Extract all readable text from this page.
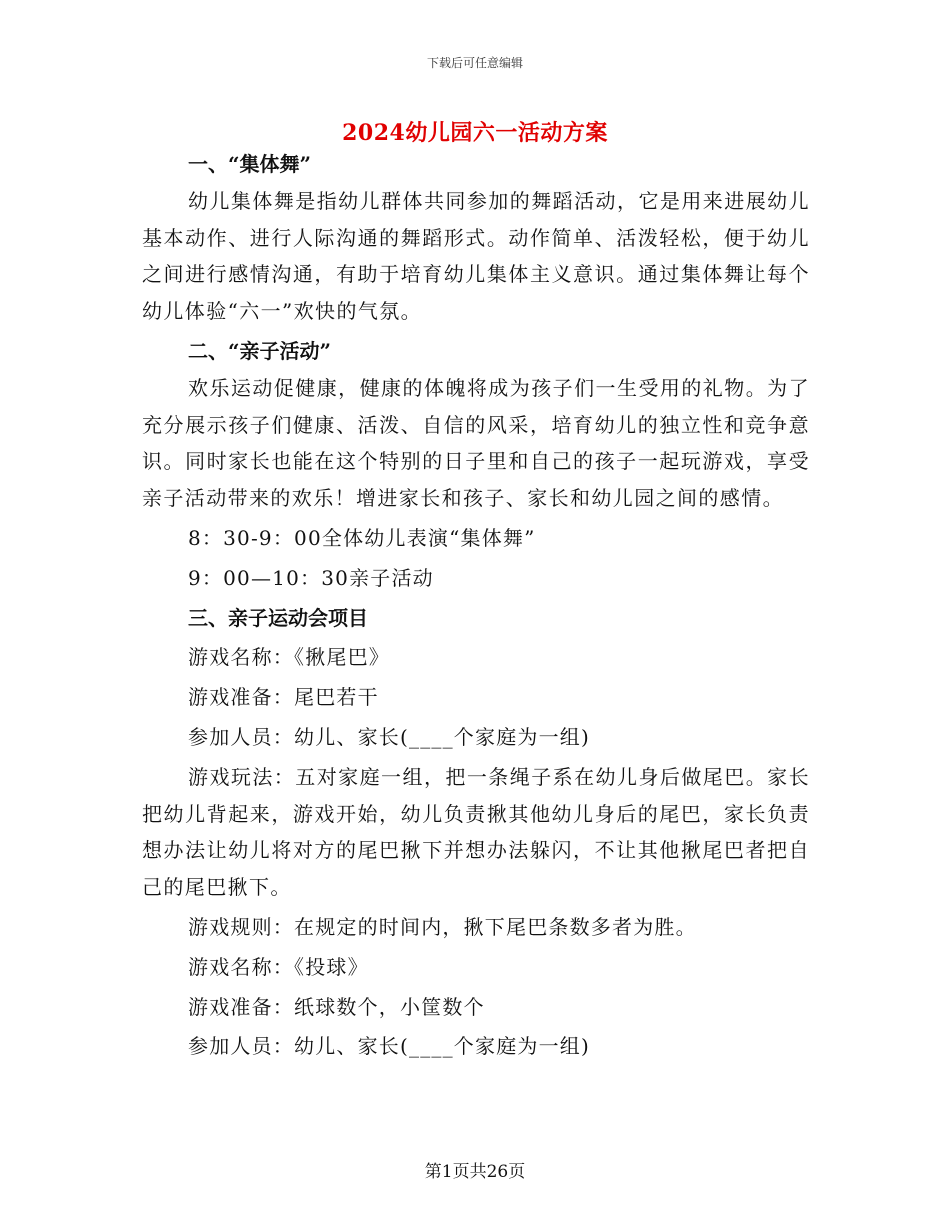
下载后可任意编辑
2024幼儿园六一活动方案

一、“集体舞”

幼儿集体舞是指幼儿群体共同参加的舞蹈活动，它是用来进展幼儿基本动作、进行人际沟通的舞蹈形式。动作简单、活泼轻松，便于幼儿之间进行感情沟通，有助于培育幼儿集体主义意识。通过集体舞让每个幼儿体验“六一”欢快的气氛。

二、“亲子活动”

欢乐运动促健康，健康的体魄将成为孩子们一生受用的礼物。为了充分展示孩子们健康、活泼、自信的风采，培育幼儿的独立性和竞争意识。同时家长也能在这个特别的日子里和自己的孩子一起玩游戏，享受亲子活动带来的欢乐！增进家长和孩子、家长和幼儿园之间的感情。

8：30-9：00全体幼儿表演“集体舞”

9：00—10：30亲子活动

三、亲子运动会项目

游戏名称：《揪尾巴》

游戏准备：尾巴若干

参加人员：幼儿、家长(____个家庭为一组)

游戏玩法：五对家庭一组，把一条绳子系在幼儿身后做尾巴。家长把幼儿背起来，游戏开始，幼儿负责揪其他幼儿身后的尾巴，家长负责想办法让幼儿将对方的尾巴揪下并想办法躲闪，不让其他揪尾巴者把自己的尾巴揪下。

游戏规则：在规定的时间内，揪下尾巴条数多者为胜。

游戏名称：《投球》

游戏准备：纸球数个，小筐数个

参加人员：幼儿、家长(____个家庭为一组)

第1页共26页
